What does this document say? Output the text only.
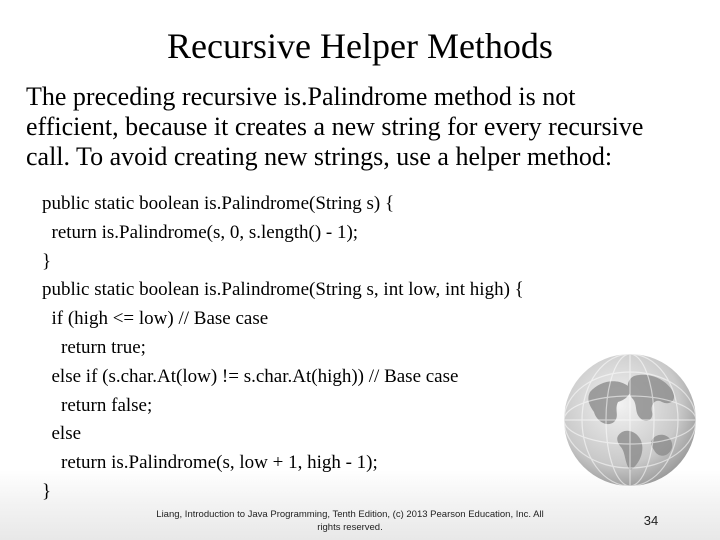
Recursive Helper Methods

The preceding recursive is.Palindrome method is not

efficient, because it creates a new string for every recursive

call. To avoid creating new strings, use a helper method:

public static boolean is.Palindrome(String s) {
return is.Palindrome(s, 0, s.length() - 1);
}
public static boolean is.Palindrome(String s, int low, int high) {
if (high <= low) // Base case
return true;
else if (s.char.At(low) != s.char.At(high)) // Base case
return false;
else
return is.Palindrome(s, low + 1, high - 1);
}
Liang, Introduction to Java Programming, Tenth Edition, (c) 2013 Pearson Education, Inc. All
rights reserved.	34
